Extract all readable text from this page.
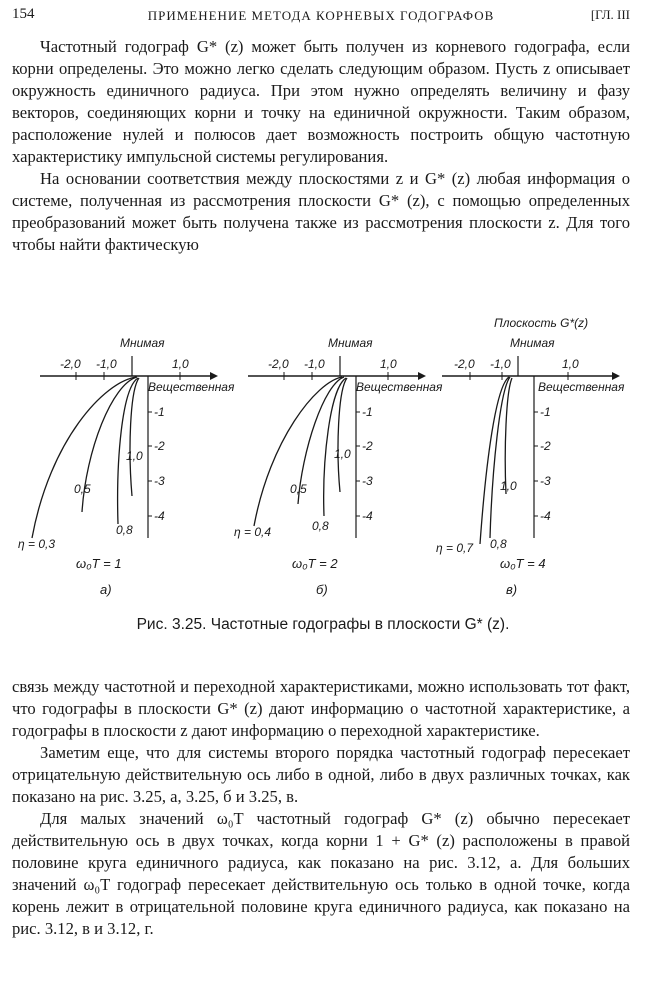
154	ПРИМЕНЕНИЕ МЕТОДА КОРНЕВЫХ ГОДОГРАФОВ	[ГЛ. III

Частотный годограф G* (z) может быть получен из корневого годографа, если корни определены. Это можно легко сделать следующим образом. Пусть z описывает окружность единичного радиуса. При этом нужно определять величину и фазу векторов, соединяющих корни и точку на единичной окружности. Таким образом, расположение нулей и полюсов дает возможность построить общую частотную характеристику импульсной системы регулирования.

На основании соответствия между плоскостями z и G* (z) любая информация о системе, полученная из рассмотрения плоскости G* (z), с помощью определенных преобразований может быть получена также из рассмотрения плоскости z. Для того чтобы найти фактическую

Плоскость G*(z)
Мнимая
Вещественная
-2,0 -1,0	1,0
-1
-2
-3
-4
η = 0,3
0,5
0,8
1,0
ω₀T = 1
а)
Мнимая
Вещественная
-2,0 -1,0	1,0
-1
-2
-3
-4
η = 0,4
0,5
0,8
1,0
ω₀T = 2
б)
Мнимая
Вещественная
-2,0 -1,0	1,0
-1
-2
-3
-4
η = 0,7 0,8
1,0
ω₀T = 4
в)
Рис. 3.25. Частотные годографы в плоскости G* (z).

связь между частотной и переходной характеристиками, можно использовать тот факт, что годографы в плоскости G* (z) дают информацию о частотной характеристике, а годографы в плоскости z дают информацию о переходной характеристике.

Заметим еще, что для системы второго порядка частотный годограф пересекает отрицательную действительную ось либо в одной, либо в двух различных точках, как показано на рис. 3.25, а, 3.25, б и 3.25, в.

Для малых значений ω₀T частотный годограф G* (z) обычно пересекает действительную ось в двух точках, когда корни 1 + G* (z) расположены в правой половине круга единичного радиуса, как показано на рис. 3.12, а. Для больших значений ω₀T годограф пересекает действительную ось только в одной точке, когда корень лежит в отрицательной половине круга единичного радиуса, как показано на рис. 3.12, в и 3.12, г.
